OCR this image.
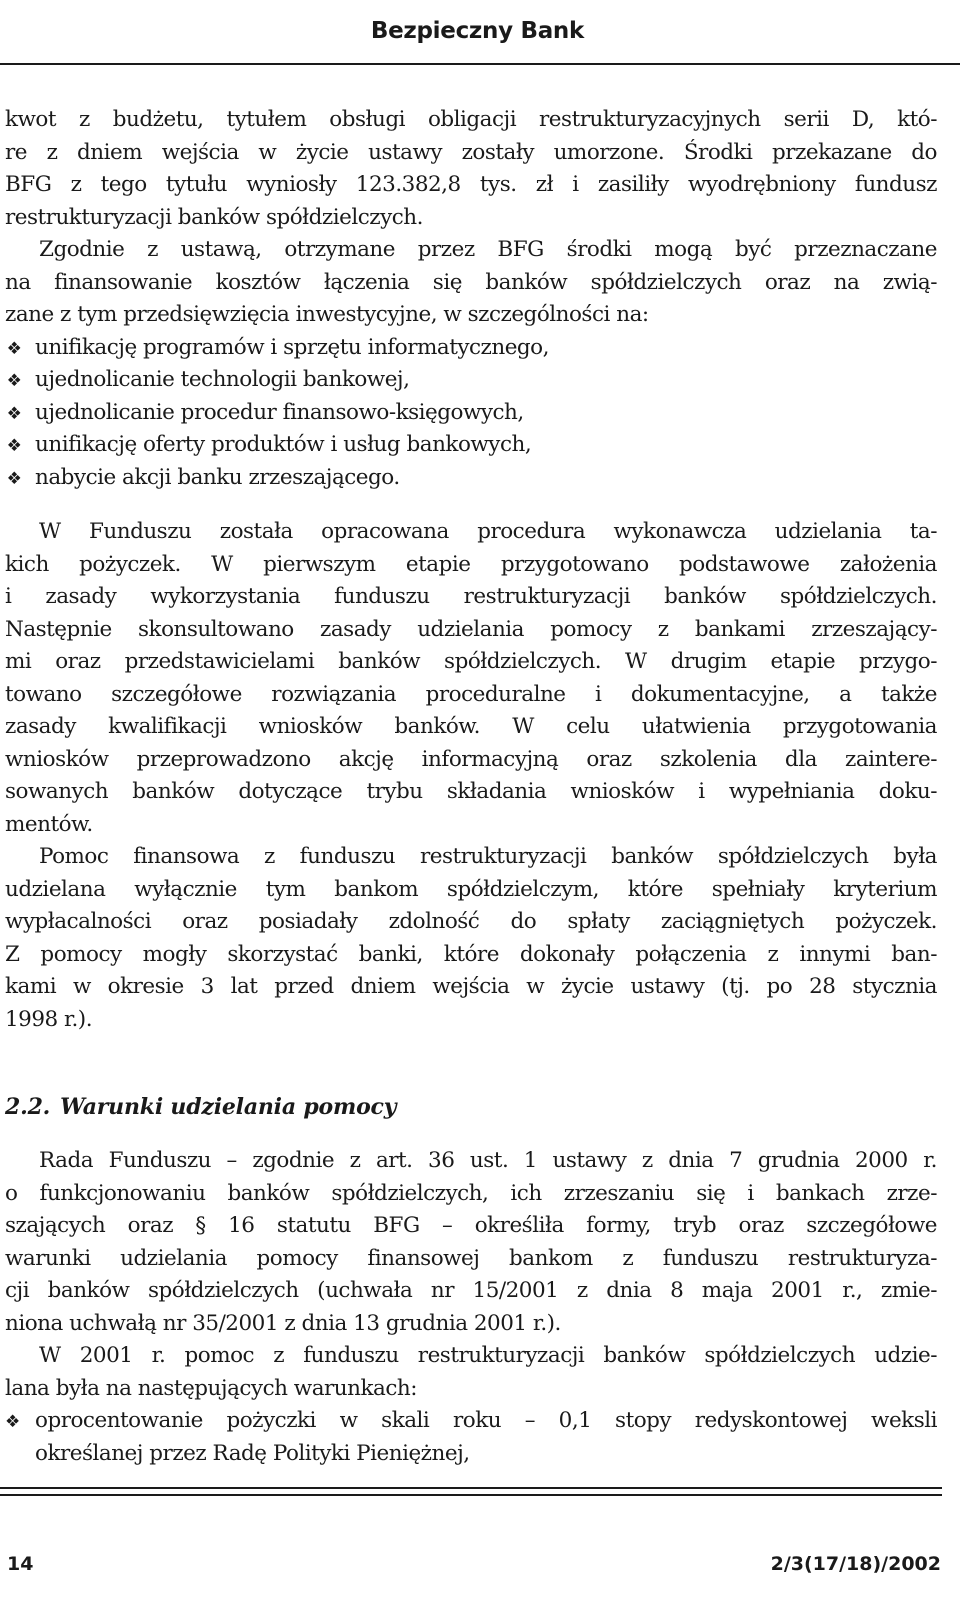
Bezpieczny Bank

kwot z budżetu, tytułem obsługi obligacji restrukturyzacyjnych serii D, któ-

re z dniem wejścia w życie ustawy zostały umorzone. Środki przekazane do

BFG z tego tytułu wyniosły 123.382,8 tys. zł i zasiliły wyodrębniony fundusz

restrukturyzacji banków spółdzielczych.

Zgodnie z ustawą, otrzymane przez BFG środki mogą być przeznaczane

na finansowanie kosztów łączenia się banków spółdzielczych oraz na zwią-

zane z tym przedsięwzięcia inwestycyjne, w szczególności na:

❖ unifikację programów i sprzętu informatycznego,
❖ ujednolicanie technologii bankowej,
❖ ujednolicanie procedur finansowo-księgowych,
❖ unifikację oferty produktów i usług bankowych,
❖ nabycie akcji banku zrzeszającego.

W Funduszu została opracowana procedura wykonawcza udzielania ta-

kich pożyczek. W pierwszym etapie przygotowano podstawowe założenia

i zasady wykorzystania funduszu restrukturyzacji banków spółdzielczych.

Następnie skonsultowano zasady udzielania pomocy z bankami zrzeszający-

mi oraz przedstawicielami banków spółdzielczych. W drugim etapie przygo-

towano szczegółowe rozwiązania proceduralne i dokumentacyjne, a także

zasady kwalifikacji wniosków banków. W celu ułatwienia przygotowania

wniosków przeprowadzono akcję informacyjną oraz szkolenia dla zaintere-

sowanych banków dotyczące trybu składania wniosków i wypełniania doku-

mentów.

Pomoc finansowa z funduszu restrukturyzacji banków spółdzielczych była

udzielana wyłącznie tym bankom spółdzielczym, które spełniały kryterium

wypłacalności oraz posiadały zdolność do spłaty zaciągniętych pożyczek.

Z pomocy mogły skorzystać banki, które dokonały połączenia z innymi ban-

kami w okresie 3 lat przed dniem wejścia w życie ustawy (tj. po 28 stycznia

1998 r.).

2.2. Warunki udzielania pomocy

Rada Funduszu – zgodnie z art. 36 ust. 1 ustawy z dnia 7 grudnia 2000 r.

o funkcjonowaniu banków spółdzielczych, ich zrzeszaniu się i bankach zrze-

szających oraz § 16 statutu BFG – określiła formy, tryb oraz szczegółowe

warunki udzielania pomocy finansowej bankom z funduszu restrukturyza-

cji banków spółdzielczych (uchwała nr 15/2001 z dnia 8 maja 2001 r., zmie-

niona uchwałą nr 35/2001 z dnia 13 grudnia 2001 r.).

W 2001 r. pomoc z funduszu restrukturyzacji banków spółdzielczych udzie-

lana była na następujących warunkach:

❖ oprocentowanie pożyczki w skali roku – 0,1 stopy redyskontowej weksli
określanej przez Radę Polityki Pieniężnej,
14	2/3(17/18)/2002
